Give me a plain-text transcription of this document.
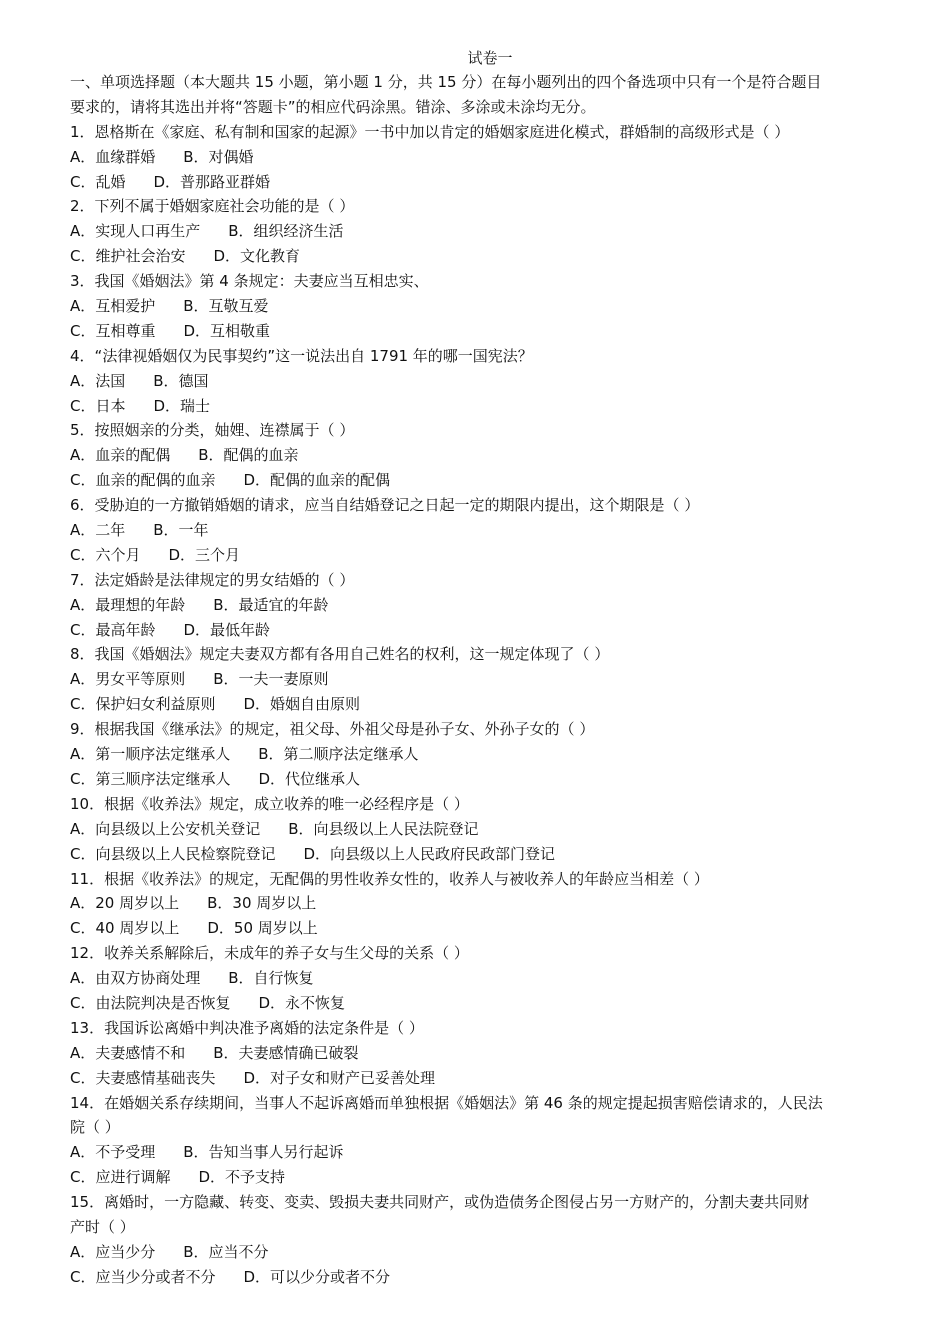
试卷一
一、单项选择题（本大题共 15 小题，第小题 1 分，共 15 分）在每小题列出的四个备选项中只有一个是符合题目
要求的，请将其选出并将“答题卡”的相应代码涂黑。错涂、多涂或未涂均无分。
1．恩格斯在《家庭、私有制和国家的起源》一书中加以肯定的婚姻家庭进化模式，群婚制的高级形式是（ ）
A．血缘群婚 B．对偶婚
C．乱婚 D．普那路亚群婚
2．下列不属于婚姻家庭社会功能的是（ ）
A．实现人口再生产 B．组织经济生活
C．维护社会治安 D．文化教育
3．我国《婚姻法》第 4 条规定：夫妻应当互相忠实、
A．互相爱护 B．互敬互爱
C．互相尊重 D．互相敬重
4．“法律视婚姻仅为民事契约”这一说法出自 1791 年的哪一国宪法？
A．法国 B．德国
C．日本 D．瑞士
5．按照姻亲的分类，妯娌、连襟属于（ ）
A．血亲的配偶 B．配偶的血亲
C．血亲的配偶的血亲 D．配偶的血亲的配偶
6．受胁迫的一方撤销婚姻的请求，应当自结婚登记之日起一定的期限内提出，这个期限是（ ）
A．二年 B．一年
C．六个月 D．三个月
7．法定婚龄是法律规定的男女结婚的（ ）
A．最理想的年龄 B．最适宜的年龄
C．最高年龄 D．最低年龄
8．我国《婚姻法》规定夫妻双方都有各用自己姓名的权利，这一规定体现了（ ）
A．男女平等原则 B．一夫一妻原则
C．保护妇女利益原则 D．婚姻自由原则
9．根据我国《继承法》的规定，祖父母、外祖父母是孙子女、外孙子女的（ ）
A．第一顺序法定继承人 B．第二顺序法定继承人
C．第三顺序法定继承人 D．代位继承人
10．根据《收养法》规定，成立收养的唯一必经程序是（ ）
A．向县级以上公安机关登记 B．向县级以上人民法院登记
C．向县级以上人民检察院登记 D．向县级以上人民政府民政部门登记
11．根据《收养法》的规定，无配偶的男性收养女性的，收养人与被收养人的年龄应当相差（ ）
A．20 周岁以上 B．30 周岁以上
C．40 周岁以上 D．50 周岁以上
12．收养关系解除后，未成年的养子女与生父母的关系（ ）
A．由双方协商处理 B．自行恢复
C．由法院判决是否恢复 D．永不恢复
13．我国诉讼离婚中判决准予离婚的法定条件是（ ）
A．夫妻感情不和 B．夫妻感情确已破裂
C．夫妻感情基础丧失 D．对子女和财产已妥善处理
14．在婚姻关系存续期间，当事人不起诉离婚而单独根据《婚姻法》第 46 条的规定提起损害赔偿请求的，人民法
院（ ）
A．不予受理 B．告知当事人另行起诉
C．应进行调解 D．不予支持
15．离婚时，一方隐藏、转变、变卖、毁损夫妻共同财产，或伪造债务企图侵占另一方财产的，分割夫妻共同财
产时（ ）
A．应当少分 B．应当不分
C．应当少分或者不分 D．可以少分或者不分
